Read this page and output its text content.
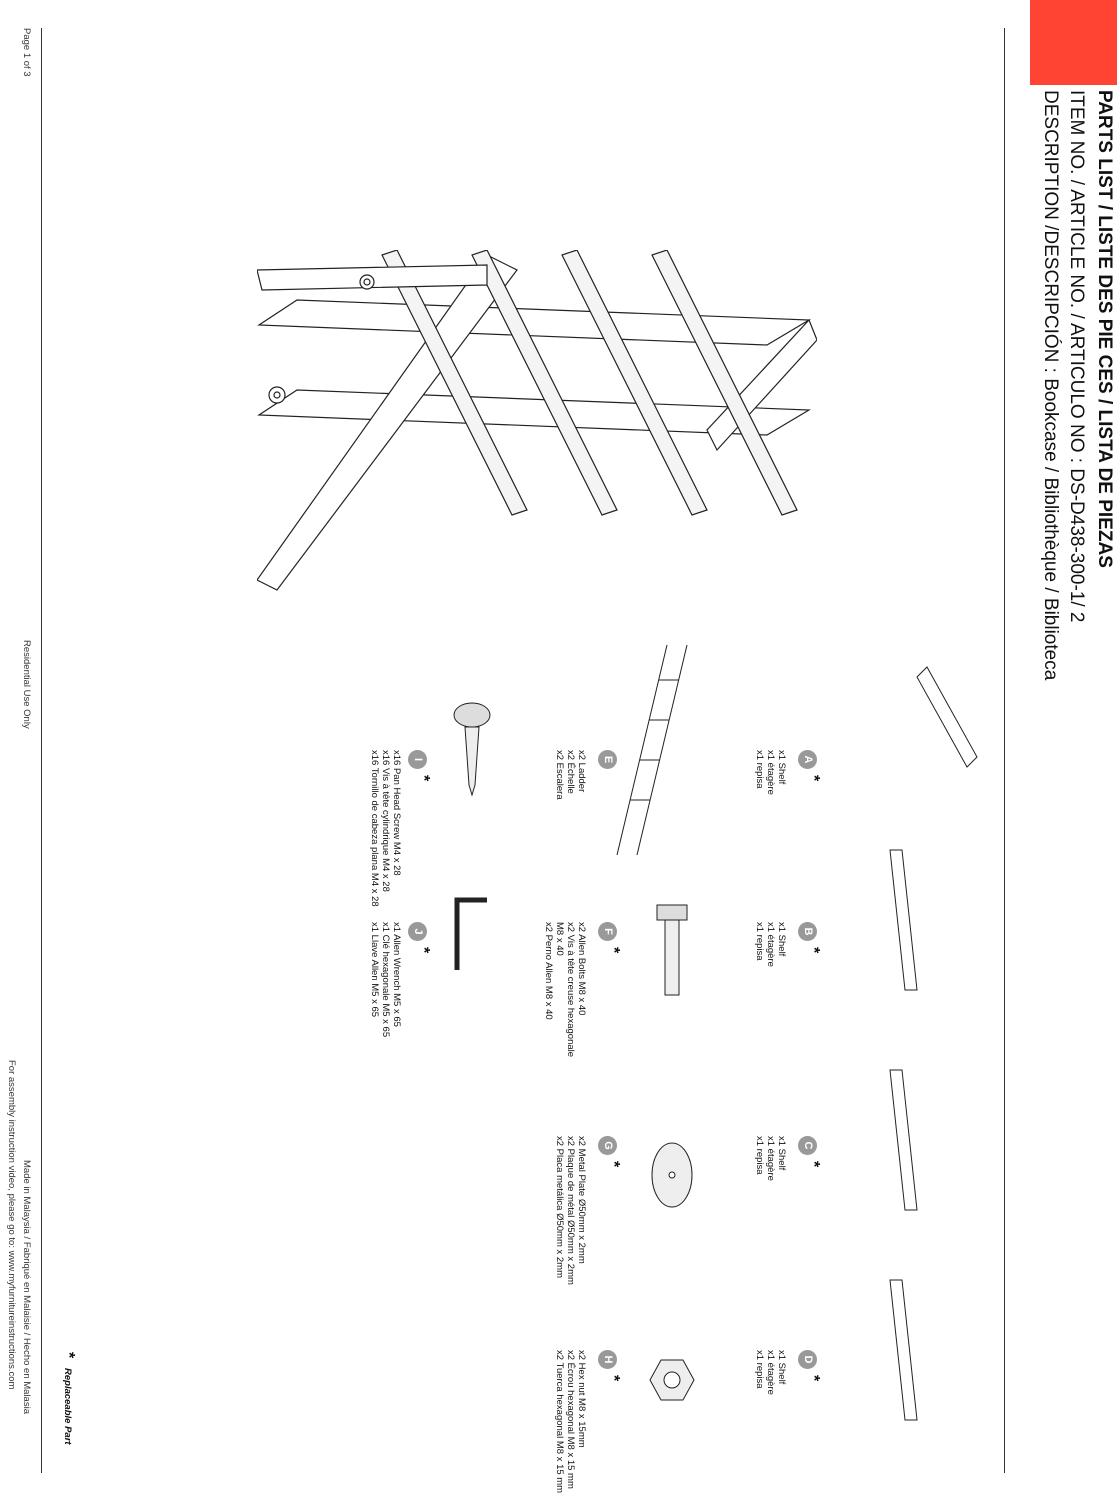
PARTS LIST / LISTE DES PIE CES / LISTA DE PIEZAS
ITEM NO. / ARTICLE NO. / ARTICULO NO : DS-D438-300-1/ 2
DESCRIPTION /DESCRIPCIÓN : Bookcase / Bibliothèque / Biblioteca
A
*
x1 Shelf
x1 étagère
x1 repisa
B
*
x1 Shelf
x1 étagère
x1 repisa
C
*
x1 Shelf
x1 étagère
x1 repisa
D
*
x1 Shelf
x1 étagère
x1 repisa
E
x2 Ladder
x2 Échelle
x2 Escalera
F
*
x2 Allen Bolts M8 x 40
x2 Vis à tête creuse hexagonale
M8 x 40
x2 Perno Allen M8 x 40
G
*
x2 Metal Plate Ø50mm x 2mm
x2 Plaque de métal Ø50mm x 2mm
x2 Placa metálica Ø50mm x 2mm
H
*
x2 Hex nut M8 x 15mm
x2 Écrou hexagonal M8 x 15 mm
x2 Tuerca hexagonal M8 x 15 mm
I
*
x16 Pan Head Screw M4 x 28
x16 Vis à tête cylindrique M4 x 28
x16 Tornillo de cabeza plana M4 x 28
J
*
x1 Allen Wrench M5 x 65
x1 Clé hexagonale M5 x 65
x1 Llave Allen M5 x 65
*
Replaceable Part
Page 1 of 3
Residential Use Only
Made in Malaysia / Fabriqué en Malaisie / Hecho en Malasia
For assembly instruction video, please go to: www.myfurnitureinstructions.com
